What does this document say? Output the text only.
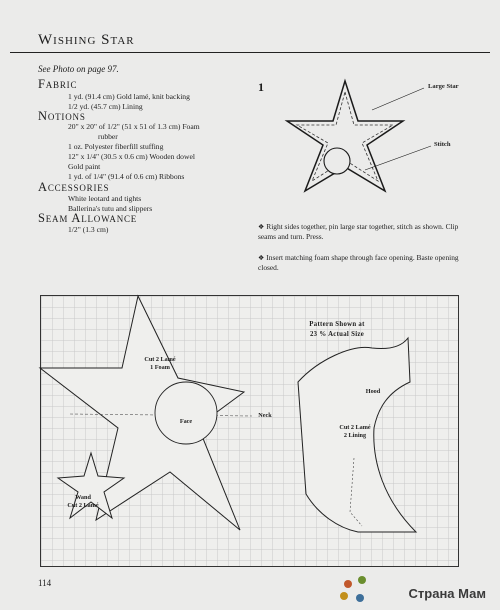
Wishing Star
See Photo on page 97.
Fabric
1 yd. (91.4 cm) Gold lamé, knit backing
1/2 yd. (45.7 cm) Lining
Notions
20" x 20" of 1/2" (51 x 51 of 1.3 cm) Foam
rubber
1 oz. Polyester fiberfill stuffing
12" x 1/4" (30.5 x 0.6 cm) Wooden dowel
Gold paint
1 yd. of 1/4" (91.4 of 0.6 cm) Ribbons
Accessories
White leotard and tights
Ballerina's tutu and slippers
Seam Allowance
1/2" (1.3 cm)
1	Large Star
Stitch
❖ Right sides together, pin large star together, stitch as shown. Clip seams and turn. Press.
❖ Insert matching foam shape through face opening. Baste opening closed.
Pattern Shown at
23 % Actual Size
Cut 2 Lamé
1 Foam
Face
Neck
Hood
Cut 2 Lamé
2 Lining
Wand
Cut 2 Lamé
114
Страна Мам
